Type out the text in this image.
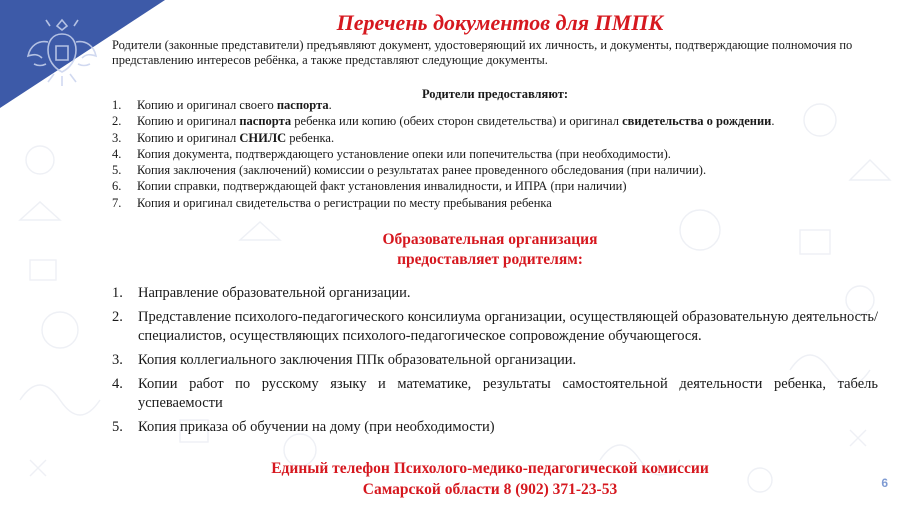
Перечень документов для ПМПК
Родители (законные представители) предъявляют документ, удостоверяющий их личность, и документы, подтверждающие полномочия по представлению интересов ребёнка, а также представляют следующие документы.
Родители предоставляют:
1.	Копию и оригинал своего паспорта.
2.	Копию и оригинал паспорта ребенка или копию (обеих сторон свидетельства) и оригинал свидетельства о рождении.
3.	Копию и оригинал СНИЛС ребенка.
4.	Копия документа, подтверждающего установление опеки или попечительства (при необходимости).
5.	Копия заключения (заключений) комиссии о результатах ранее проведенного обследования (при наличии).
6.	Копии справки, подтверждающей факт установления инвалидности, и ИПРА (при наличии)
7.	Копия и оригинал свидетельства о регистрации по месту пребывания ребенка
Образовательная организация
предоставляет родителям:
1.	Направление образовательной организации.
2.	Представление психолого-педагогического консилиума организации, осуществляющей образовательную деятельность/специалистов, осуществляющих психолого-педагогическое сопровождение обучающегося.
3.	Копия коллегиального заключения ППк образовательной организации.
4.	Копии работ по русскому языку и математике, результаты самостоятельной деятельности ребенка, табель успеваемости
5.	Копия приказа об обучении на дому (при необходимости)
Единый телефон Психолого-медико-педагогической комиссии
Самарской области 8 (902) 371-23-53	6
